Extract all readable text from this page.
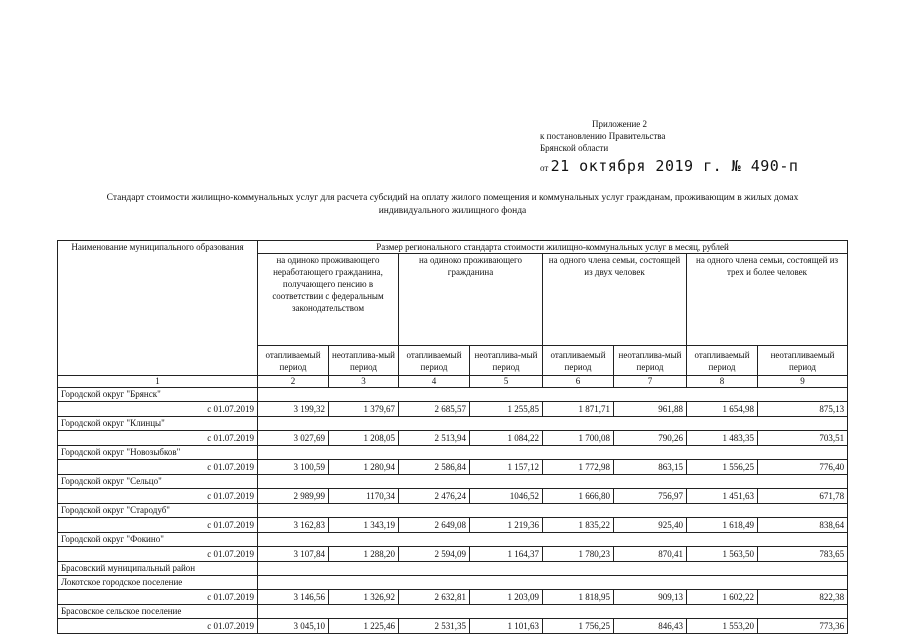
Приложение 2
к постановлению Правительства
Брянской области
от 21 октября 2019 г. № 490-п
Стандарт стоимости жилищно-коммунальных услуг для расчета субсидий на оплату жилого помещения и коммунальных услуг гражданам, проживающим в жилых домах
индивидуального жилищного фонда
Наименование муниципального образования	Размер регионального стандарта стоимости жилищно-коммунальных услуг в месяц, рублей							
	на одиноко проживающего неработающего гражданина, получающего пенсию в соответствии с федеральным законодательством		на одиноко проживающего гражданина		на одного члена семьи, состоящей из двух человек		на одного члена семьи, состоящей из трех и более человек	
	отапливаемый период	неотаплива-мый период	отапливаемый период	неотаплива-мый период	отапливаемый период	неотаплива-мый период	отапливаемый период	неотапливаемый период
1	2	3	4	5	6	7	8	9
Городской округ "Брянск"								
с 01.07.2019	3 199,32	1 379,67	2 685,57	1 255,85	1 871,71	961,88	1 654,98	875,13
Городской округ "Клинцы"								
с 01.07.2019	3 027,69	1 208,05	2 513,94	1 084,22	1 700,08	790,26	1 483,35	703,51
Городской округ "Новозыбков"								
с 01.07.2019	3 100,59	1 280,94	2 586,84	1 157,12	1 772,98	863,15	1 556,25	776,40
Городской округ "Сельцо"								
с 01.07.2019	2 989,99	1170,34	2 476,24	1046,52	1 666,80	756,97	1 451,63	671,78
Городской округ "Стародуб"								
с 01.07.2019	3 162,83	1 343,19	2 649,08	1 219,36	1 835,22	925,40	1 618,49	838,64
Городской округ "Фокино"								
с 01.07.2019	3 107,84	1 288,20	2 594,09	1 164,37	1 780,23	870,41	1 563,50	783,65
Брасовский муниципальный район								
Локотское городское поселение								
с 01.07.2019	3 146,56	1 326,92	2 632,81	1 203,09	1 818,95	909,13	1 602,22	822,38
Брасовское сельское поселение								
с 01.07.2019	3 045,10	1 225,46	2 531,35	1 101,63	1 756,25	846,43	1 553,20	773,36
